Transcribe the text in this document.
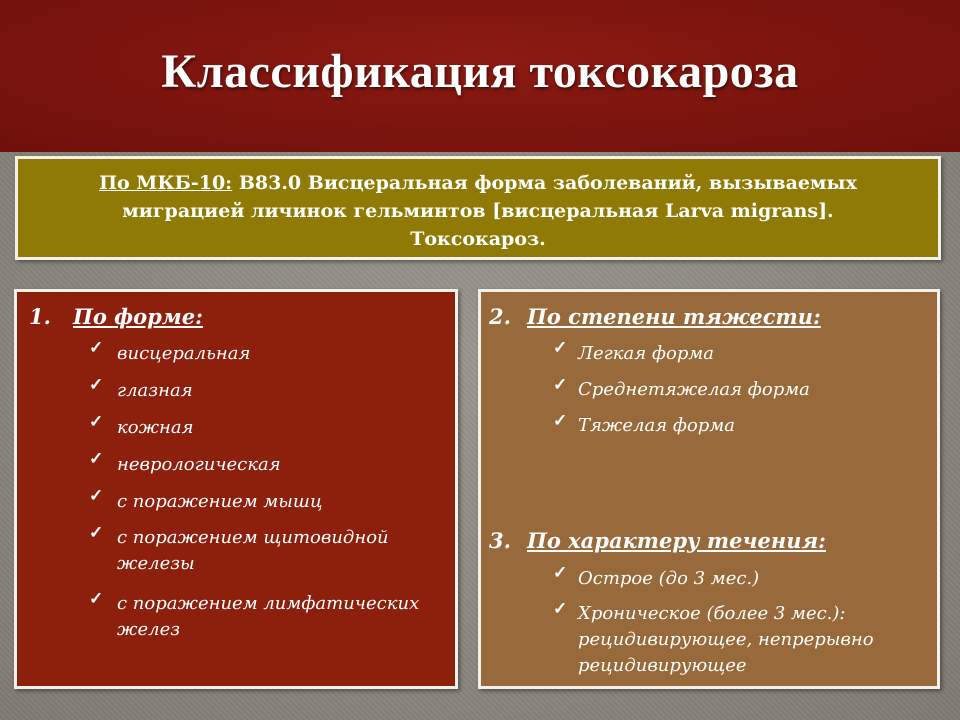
Классификация токсокароза
По МКБ-10: В83.0 Висцеральная форма заболеваний, вызываемых
миграцией личинок гельминтов [висцеральная Larva migrans].
Токсокароз.
1. По форме:
✓ висцеральная
✓ глазная
✓ кожная
✓ неврологическая
✓ с поражением мышц
✓ с поражением щитовидной
железы
✓ с поражением лимфатических
желез
2. По степени тяжести:
✓ Легкая форма
✓ Среднетяжелая форма
✓ Тяжелая форма
3. По характеру течения:
✓ Острое (до 3 мес.)
✓ Хроническое (более 3 мес.):
рецидивирующее, непрерывно
рецидивирующее
